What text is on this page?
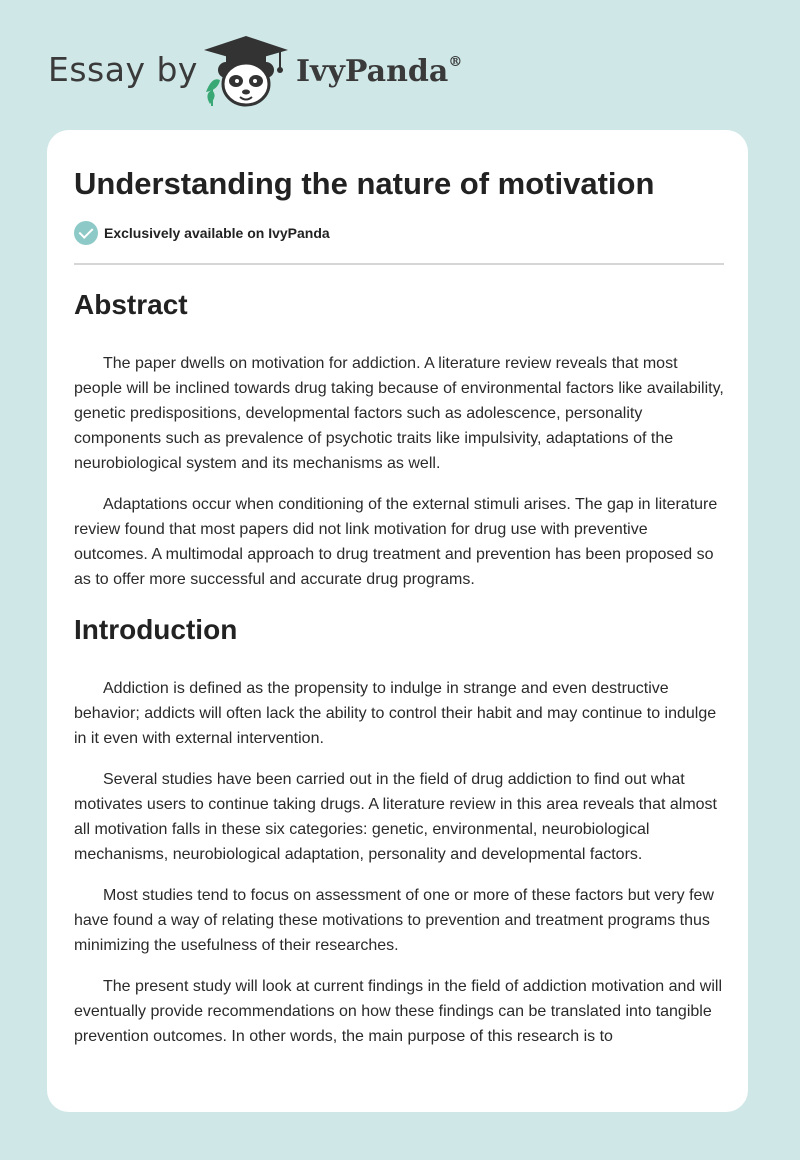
Essay by	IvyPanda®
Understanding the nature of motivation
Exclusively available on IvyPanda
Abstract

The paper dwells on motivation for addiction. A literature review reveals that most people will be inclined towards drug taking because of environmental factors like availability, genetic predispositions, developmental factors such as adolescence, personality components such as prevalence of psychotic traits like impulsivity, adaptations of the neurobiological system and its mechanisms as well.

Adaptations occur when conditioning of the external stimuli arises. The gap in literature review found that most papers did not link motivation for drug use with preventive outcomes. A multimodal approach to drug treatment and prevention has been proposed so as to offer more successful and accurate drug programs.

Introduction

Addiction is defined as the propensity to indulge in strange and even destructive behavior; addicts will often lack the ability to control their habit and may continue to indulge in it even with external intervention.

Several studies have been carried out in the field of drug addiction to find out what motivates users to continue taking drugs. A literature review in this area reveals that almost all motivation falls in these six categories: genetic, environmental, neurobiological mechanisms, neurobiological adaptation, personality and developmental factors.

Most studies tend to focus on assessment of one or more of these factors but very few have found a way of relating these motivations to prevention and treatment programs thus minimizing the usefulness of their researches.

The present study will look at current findings in the field of addiction motivation and will eventually provide recommendations on how these findings can be translated into tangible prevention outcomes. In other words, the main purpose of this research is to
